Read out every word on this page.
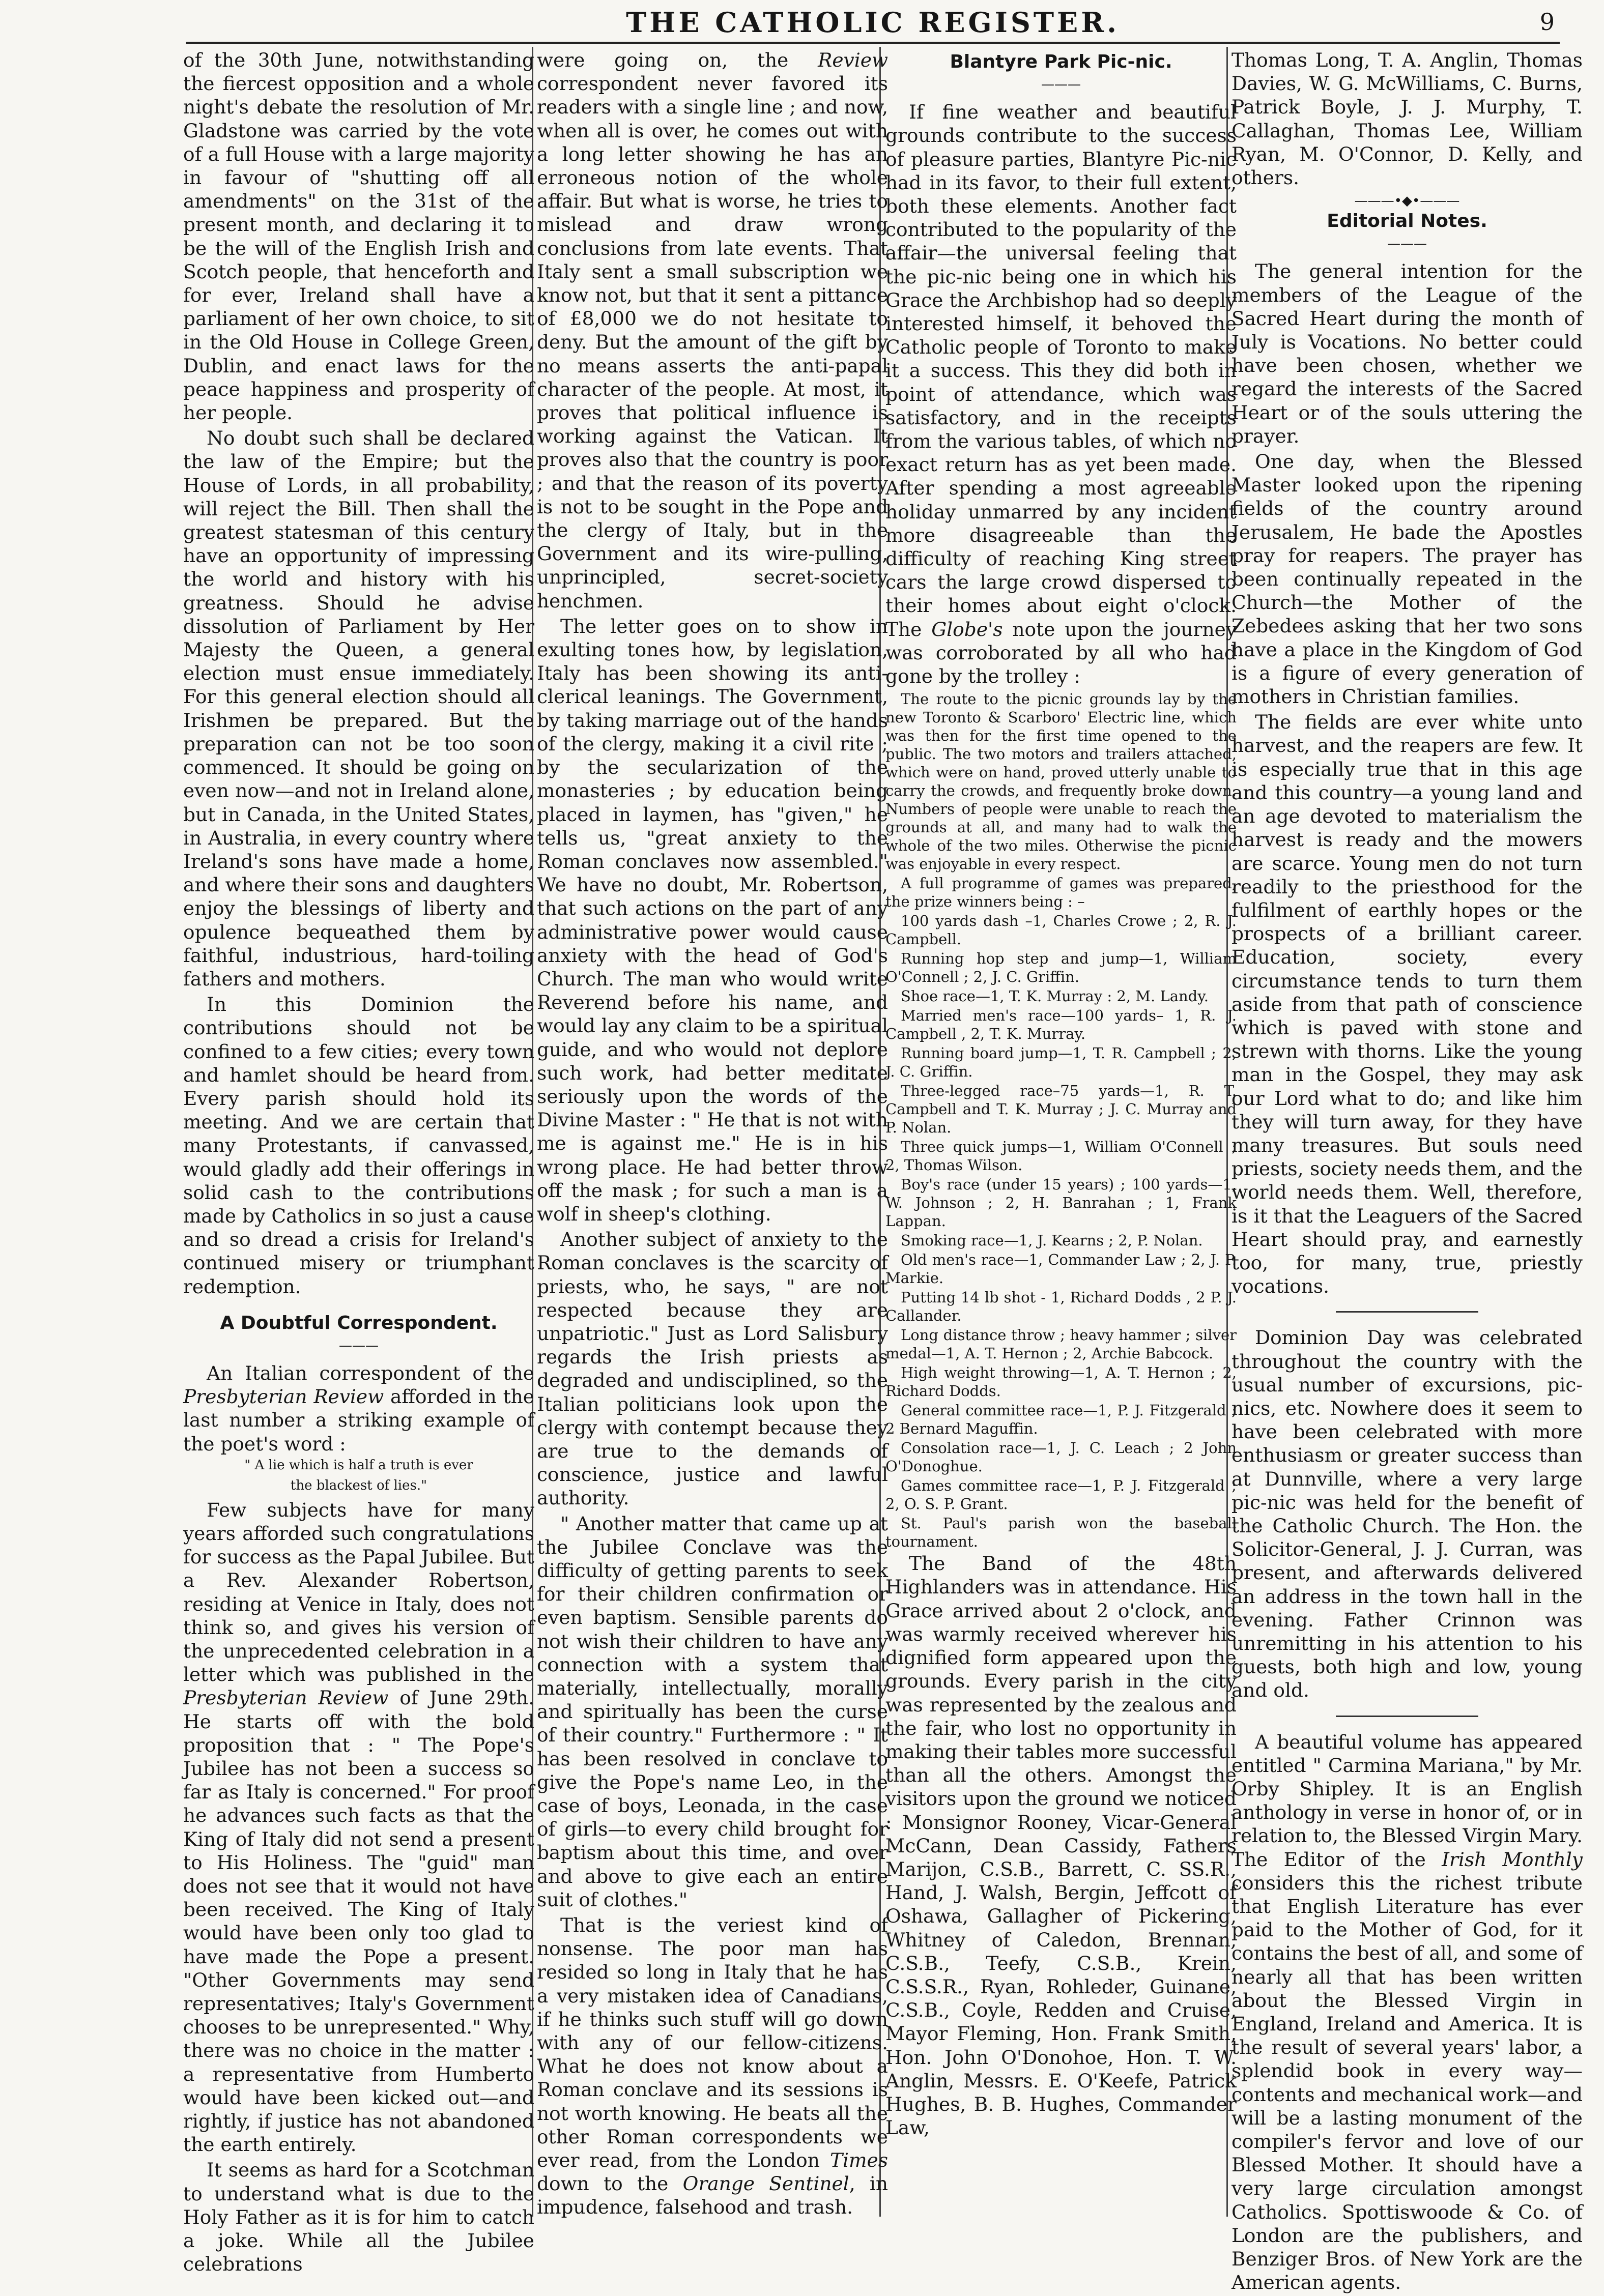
THE CATHOLIC REGISTER.	9

of the 30th June, notwithstanding the fiercest opposition and a whole night's debate the resolution of Mr. Gladstone was carried by the vote of a full House with a large majority in favour of "shutting off all amendments" on the 31st of the present month, and declaring it to be the will of the English Irish and Scotch people, that henceforth and for ever, Ireland shall have a parliament of her own choice, to sit in the Old House in College Green, Dublin, and enact laws for the peace happiness and prosperity of her people.

No doubt such shall be declared the law of the Empire; but the House of Lords, in all probability, will reject the Bill. Then shall the greatest statesman of this century have an opportunity of impressing the world and history with his greatness. Should he advise dissolution of Parliament by Her Majesty the Queen, a general election must ensue immediately. For this general election should all Irishmen be prepared. But the preparation can not be too soon commenced. It should be going on even now—and not in Ireland alone, but in Canada, in the United States, in Australia, in every country where Ireland's sons have made a home, and where their sons and daughters enjoy the blessings of liberty and opulence bequeathed them by faithful, industrious, hard-toiling fathers and mothers.

In this Dominion the contributions should not be confined to a few cities; every town and hamlet should be heard from. Every parish should hold its meeting. And we are certain that many Protestants, if canvassed, would gladly add their offerings in solid cash to the contributions made by Catholics in so just a cause and so dread a crisis for Ireland's continued misery or triumphant redemption.

A Doubtful Correspondent.
———

An Italian correspondent of the Presbyterian Review afforded in the last number a striking example of the poet's word :

" A lie which is half a truth is ever

the blackest of lies."

Few subjects have for many years afforded such congratulations for success as the Papal Jubilee. But a Rev. Alexander Robertson, residing at Venice in Italy, does not think so, and gives his version of the unprecedented celebration in a letter which was published in the Presbyterian Review of June 29th. He starts off with the bold proposition that : " The Pope's Jubilee has not been a success so far as Italy is concerned." For proof he advances such facts as that the King of Italy did not send a present to His Holiness. The "guid" man does not see that it would not have been received. The King of Italy would have been only too glad to have made the Pope a present. "Other Governments may send representatives; Italy's Government chooses to be unrepresented." Why, there was no choice in the matter : a representative from Humberto would have been kicked out—and rightly, if justice has not abandoned the earth entirely.

It seems as hard for a Scotchman to understand what is due to the Holy Father as it is for him to catch a joke. While all the Jubilee celebrations

were going on, the Review correspondent never favored its readers with a single line ; and now, when all is over, he comes out with a long letter showing he has an erroneous notion of the whole affair. But what is worse, he tries to mislead and draw wrong conclusions from late events. That Italy sent a small subscription we know not, but that it sent a pittance of £8,000 we do not hesitate to deny. But the amount of the gift by no means asserts the anti-papal character of the people. At most, it proves that political influence is working against the Vatican. It proves also that the country is poor ; and that the reason of its poverty is not to be sought in the Pope and the clergy of Italy, but in the Government and its wire-pulling, unprincipled, secret-society henchmen.

The letter goes on to show in exulting tones how, by legislation, Italy has been showing its anti-clerical leanings. The Government, by taking marriage out of the hands of the clergy, making it a civil rite ; by the secularization of the monasteries ; by education being placed in laymen, has "given," he tells us, "great anxiety to the Roman conclaves now assembled." We have no doubt, Mr. Robertson, that such actions on the part of any administrative power would cause anxiety with the head of God's Church. The man who would write Reverend before his name, and would lay any claim to be a spiritual guide, and who would not deplore such work, had better meditate seriously upon the words of the Divine Master : " He that is not with me is against me." He is in his wrong place. He had better throw off the mask ; for such a man is a wolf in sheep's clothing.

Another subject of anxiety to the Roman conclaves is the scarcity of priests, who, he says, " are not respected because they are unpatriotic." Just as Lord Salisbury regards the Irish priests as degraded and undisciplined, so the Italian politicians look upon the clergy with contempt because they are true to the demands of conscience, justice and lawful authority.

" Another matter that came up at the Jubilee Conclave was the difficulty of getting parents to seek for their children confirmation or even baptism. Sensible parents do not wish their children to have any connection with a system that materially, intellectually, morally and spiritually has been the curse of their country." Furthermore : " It has been resolved in conclave to give the Pope's name Leo, in the case of boys, Leonada, in the case of girls—to every child brought for baptism about this time, and over and above to give each an entire suit of clothes."

That is the veriest kind of nonsense. The poor man has resided so long in Italy that he has a very mistaken idea of Canadians, if he thinks such stuff will go down with any of our fellow-citizens. What he does not know about a Roman conclave and its sessions is not worth knowing. He beats all the other Roman correspondents we ever read, from the London Times down to the Orange Sentinel, in impudence, falsehood and trash.

Blantyre Park Pic-nic.
———

If fine weather and beautiful grounds contribute to the success of pleasure parties, Blantyre Pic-nic had in its favor, to their full extent, both these elements. Another fact contributed to the popularity of the affair—the universal feeling that the pic-nic being one in which his Grace the Archbishop had so deeply interested himself, it behoved the Catholic people of Toronto to make it a success. This they did both in point of attendance, which was satisfactory, and in the receipts from the various tables, of which no exact return has as yet been made. After spending a most agreeable holiday unmarred by any incident more disagreeable than the difficulty of reaching King street cars the large crowd dispersed to their homes about eight o'clock. The Globe's note upon the journey was corroborated by all who had gone by the trolley :

The route to the picnic grounds lay by the new Toronto & Scarboro' Electric line, which was then for the first time opened to the public. The two motors and trailers attached, which were on hand, proved utterly unable to carry the crowds, and frequently broke down. Numbers of people were unable to reach the grounds at all, and many had to walk the whole of the two miles. Otherwise the picnic was enjoyable in every respect.

A full programme of games was prepared, the prize winners being : –

100 yards dash –1, Charles Crowe ; 2, R. J. Campbell.

Running hop step and jump—1, William O'Connell ; 2, J. C. Griffin.

Shoe race—1, T. K. Murray : 2, M. Landy.

Married men's race—100 yards– 1, R. J. Campbell , 2, T. K. Murray.

Running board jump—1, T. R. Campbell ; 2, J. C. Griffin.

Three-legged race–75 yards—1, R. T. Campbell and T. K. Murray ; J. C. Murray and P. Nolan.

Three quick jumps—1, William O'Connell ; 2, Thomas Wilson.

Boy's race (under 15 years) ; 100 yards—1, W. Johnson ; 2, H. Banrahan ; 1, Frank Lappan.

Smoking race—1, J. Kearns ; 2, P. Nolan.

Old men's race—1, Commander Law ; 2, J. P. Markie.

Putting 14 lb shot - 1, Richard Dodds , 2 P. J. Callander.

Long distance throw ; heavy hammer ; silver medal—1, A. T. Hernon ; 2, Archie Babcock.

High weight throwing—1, A. T. Hernon ; 2, Richard Dodds.

General committee race—1, P. J. Fitzgerald ; 2 Bernard Maguffin.

Consolation race—1, J. C. Leach ; 2 John O'Donoghue.

Games committee race—1, P. J. Fitzgerald ; 2, O. S. P. Grant.

St. Paul's parish won the baseball tournament.

The Band of the 48th Highlanders was in attendance. His Grace arrived about 2 o'clock, and was warmly received wherever his dignified form appeared upon the grounds. Every parish in the city was represented by the zealous and the fair, who lost no opportunity in making their tables more successful than all the others. Amongst the visitors upon the ground we noticed : Monsignor Rooney, Vicar-General McCann, Dean Cassidy, Fathers Marijon, C.S.B., Barrett, C. SS.R., Hand, J. Walsh, Bergin, Jeffcott of Oshawa, Gallagher of Pickering, Whitney of Caledon, Brennan, C.S.B., Teefy, C.S.B., Krein, C.S.S.R., Ryan, Rohleder, Guinane, C.S.B., Coyle, Redden and Cruise, Mayor Fleming, Hon. Frank Smith, Hon. John O'Donohoe, Hon. T. W. Anglin, Messrs. E. O'Keefe, Patrick Hughes, B. B. Hughes, Commander Law,

Thomas Long, T. A. Anglin, Thomas Davies, W. G. McWilliams, C. Burns, Patrick Boyle, J. J. Murphy, T. Callaghan, Thomas Lee, William Ryan, M. O'Connor, D. Kelly, and others.

———•◆•———
Editorial Notes.
———

The general intention for the members of the League of the Sacred Heart during the month of July is Vocations. No better could have been chosen, whether we regard the interests of the Sacred Heart or of the souls uttering the prayer.

One day, when the Blessed Master looked upon the ripening fields of the country around Jerusalem, He bade the Apostles pray for reapers. The prayer has been continually repeated in the Church—the Mother of the Zebedees asking that her two sons have a place in the Kingdom of God is a figure of every generation of mothers in Christian families.

The fields are ever white unto harvest, and the reapers are few. It is especially true that in this age and this country—a young land and an age devoted to materialism the harvest is ready and the mowers are scarce. Young men do not turn readily to the priesthood for the fulfilment of earthly hopes or the prospects of a brilliant career. Education, society, every circumstance tends to turn them aside from that path of conscience which is paved with stone and strewn with thorns. Like the young man in the Gospel, they may ask our Lord what to do; and like him they will turn away, for they have many treasures. But souls need priests, society needs them, and the world needs them. Well, therefore, is it that the Leaguers of the Sacred Heart should pray, and earnestly too, for many, true, priestly vocations.

Dominion Day was celebrated throughout the country with the usual number of excursions, pic-nics, etc. Nowhere does it seem to have been celebrated with more enthusiasm or greater success than at Dunnville, where a very large pic-nic was held for the benefit of the Catholic Church. The Hon. the Solicitor-General, J. J. Curran, was present, and afterwards delivered an address in the town hall in the evening. Father Crinnon was unremitting in his attention to his guests, both high and low, young and old.

A beautiful volume has appeared entitled " Carmina Mariana," by Mr. Orby Shipley. It is an English anthology in verse in honor of, or in relation to, the Blessed Virgin Mary. The Editor of the Irish Monthly considers this the richest tribute that English Literature has ever paid to the Mother of God, for it contains the best of all, and some of nearly all that has been written about the Blessed Virgin in England, Ireland and America. It is the result of several years' labor, a splendid book in every way—contents and mechanical work—and will be a lasting monument of the compiler's fervor and love of our Blessed Mother. It should have a very large circulation amongst Catholics. Spottiswoode & Co. of London are the publishers, and Benziger Bros. of New York are the American agents.
